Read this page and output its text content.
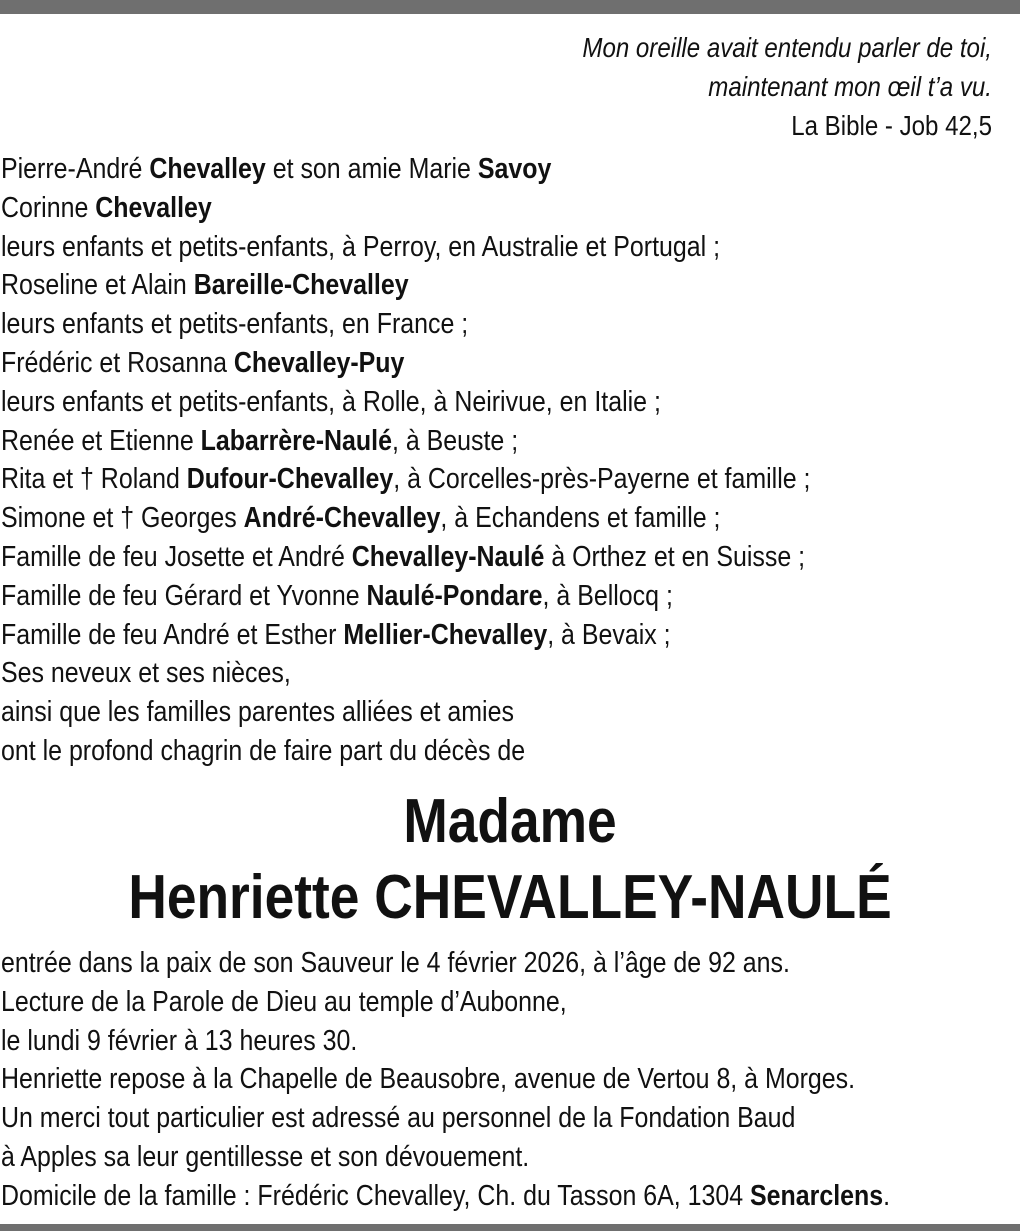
Mon oreille avait entendu parler de toi,
maintenant mon œil t’a vu.
La Bible - Job 42,5
Pierre-André Chevalley et son amie Marie Savoy
Corinne Chevalley
leurs enfants et petits-enfants, à Perroy, en Australie et Portugal ;
Roseline et Alain Bareille-Chevalley
leurs enfants et petits-enfants, en France ;
Frédéric et Rosanna Chevalley-Puy
leurs enfants et petits-enfants, à Rolle, à Neirivue, en Italie ;
Renée et Etienne Labarrère-Naulé, à Beuste ;
Rita et † Roland Dufour-Chevalley, à Corcelles-près-Payerne et famille ;
Simone et † Georges André-Chevalley, à Echandens et famille ;
Famille de feu Josette et André Chevalley-Naulé à Orthez et en Suisse ;
Famille de feu Gérard et Yvonne Naulé-Pondare, à Bellocq ;
Famille de feu André et Esther Mellier-Chevalley, à Bevaix ;
Ses neveux et ses nièces,
ainsi que les familles parentes alliées et amies
ont le profond chagrin de faire part du décès de
Madame
Henriette CHEVALLEY-NAULÉ
entrée dans la paix de son Sauveur le 4 février 2026, à l’âge de 92 ans.
Lecture de la Parole de Dieu au temple d’Aubonne,
le lundi 9 février à 13 heures 30.
Henriette repose à la Chapelle de Beausobre, avenue de Vertou 8, à Morges.
Un merci tout particulier est adressé au personnel de la Fondation Baud
à Apples sa leur gentillesse et son dévouement.
Domicile de la famille : Frédéric Chevalley, Ch. du Tasson 6A, 1304 Senarclens.
